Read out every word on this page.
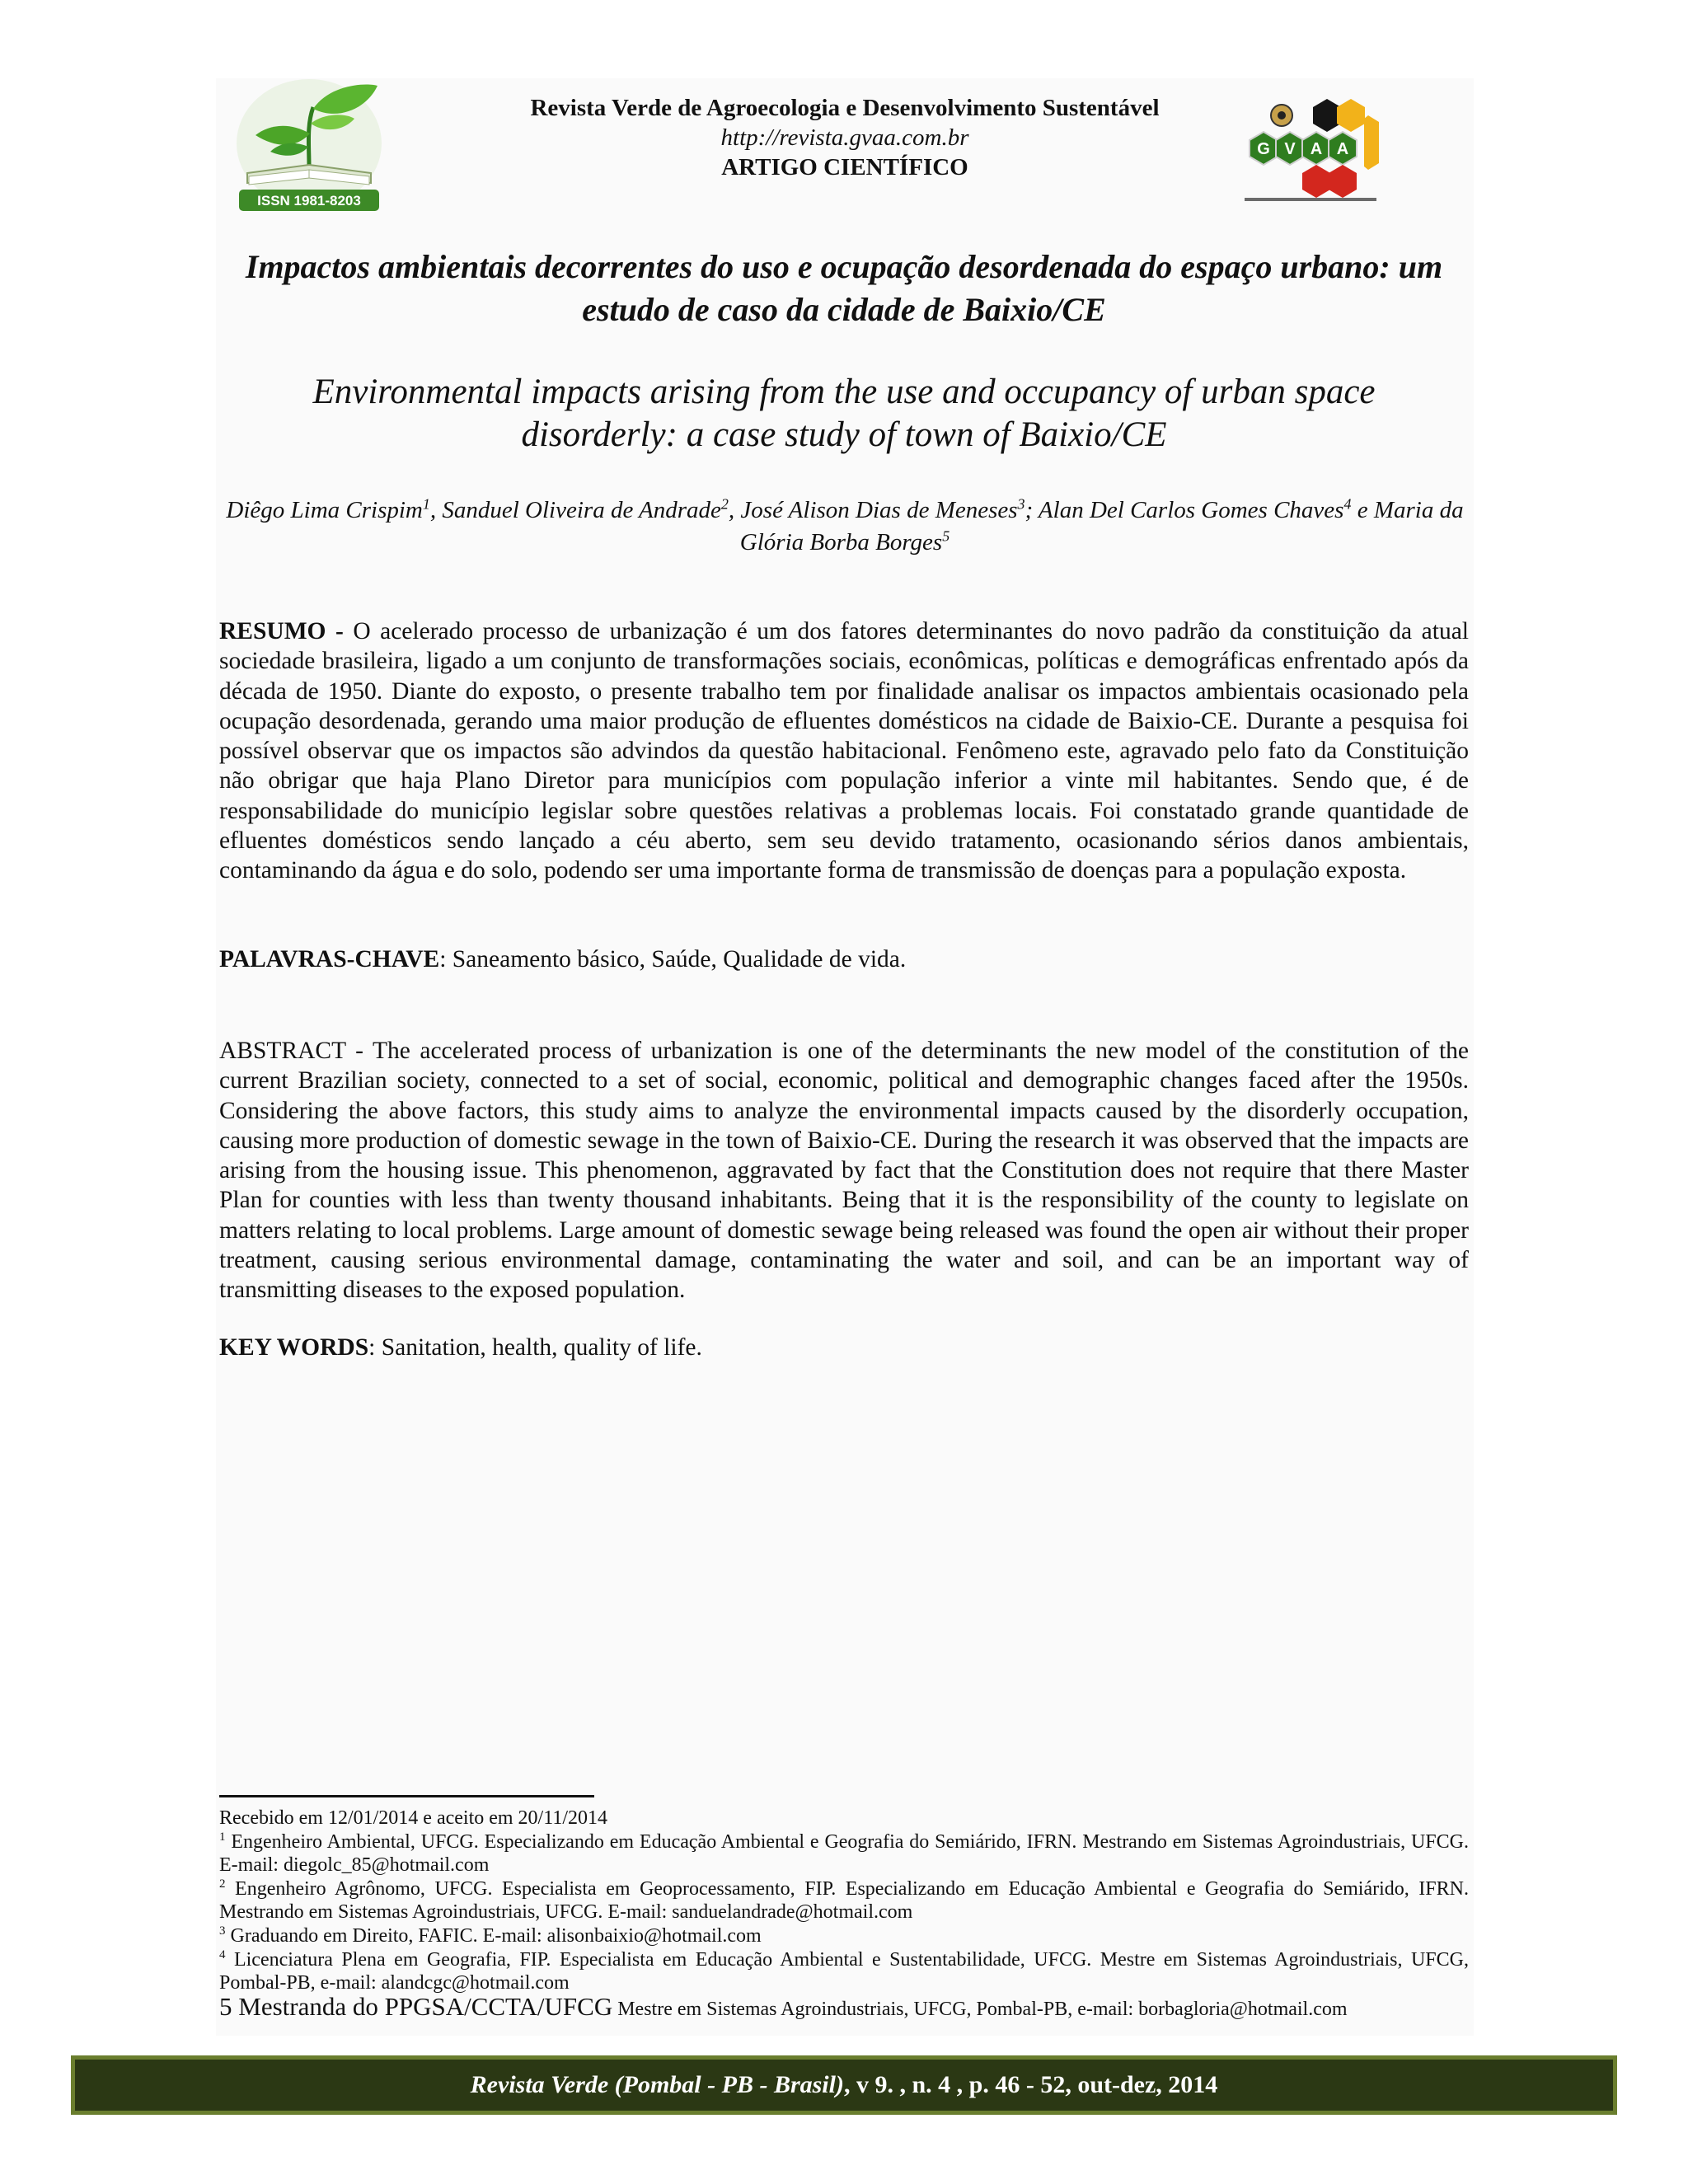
ISSN 1981-8203
Revista Verde de Agroecologia e Desenvolvimento Sustentável
http://revista.gvaa.com.br
ARTIGO CIENTÍFICO
G V A A
Impactos ambientais decorrentes do uso e ocupação desordenada do espaço urbano: um estudo de caso da cidade de Baixio/CE
Environmental impacts arising from the use and occupancy of urban space disorderly: a case study of town of Baixio/CE
Diêgo Lima Crispim$^1$, Sanduel Oliveira de Andrade$^2$, José Alison Dias de Meneses$^3$; Alan Del Carlos Gomes Chaves$^4$ e Maria da Glória Borba Borges$^5$
RESUMO - O acelerado processo de urbanização é um dos fatores determinantes do novo padrão da constituição da atual sociedade brasileira, ligado a um conjunto de transformações sociais, econômicas, políticas e demográficas enfrentado após da década de 1950. Diante do exposto, o presente trabalho tem por finalidade analisar os impactos ambientais ocasionado pela ocupação desordenada, gerando uma maior produção de efluentes domésticos na cidade de Baixio-CE. Durante a pesquisa foi possível observar que os impactos são advindos da questão habitacional. Fenômeno este, agravado pelo fato da Constituição não obrigar que haja Plano Diretor para municípios com população inferior a vinte mil habitantes. Sendo que, é de responsabilidade do município legislar sobre questões relativas a problemas locais. Foi constatado grande quantidade de efluentes domésticos sendo lançado a céu aberto, sem seu devido tratamento, ocasionando sérios danos ambientais, contaminando da água e do solo, podendo ser uma importante forma de transmissão de doenças para a população exposta.
PALAVRAS-CHAVE: Saneamento básico, Saúde, Qualidade de vida.
ABSTRACT - The accelerated process of urbanization is one of the determinants the new model of the constitution of the current Brazilian society, connected to a set of social, economic, political and demographic changes faced after the 1950s. Considering the above factors, this study aims to analyze the environmental impacts caused by the disorderly occupation, causing more production of domestic sewage in the town of Baixio-CE. During the research it was observed that the impacts are arising from the housing issue. This phenomenon, aggravated by fact that the Constitution does not require that there Master Plan for counties with less than twenty thousand inhabitants. Being that it is the responsibility of the county to legislate on matters relating to local problems. Large amount of domestic sewage being released was found the open air without their proper treatment, causing serious environmental damage, contaminating the water and soil, and can be an important way of transmitting diseases to the exposed population.
KEY WORDS: Sanitation, health, quality of life.

Recebido em 12/01/2014 e aceito em 20/11/2014

$^1$ Engenheiro Ambiental, UFCG. Especializando em Educação Ambiental e Geografia do Semiárido, IFRN. Mestrando em Sistemas Agroindustriais, UFCG. E-mail: diegolc_85@hotmail.com

$^2$ Engenheiro Agrônomo, UFCG. Especialista em Geoprocessamento, FIP. Especializando em Educação Ambiental e Geografia do Semiárido, IFRN. Mestrando em Sistemas Agroindustriais, UFCG. E-mail: sanduelandrade@hotmail.com

$^3$ Graduando em Direito, FAFIC. E-mail: alisonbaixio@hotmail.com

$^4$ Licenciatura Plena em Geografia, FIP. Especialista em Educação Ambiental e Sustentabilidade, UFCG. Mestre em Sistemas Agroindustriais, UFCG, Pombal-PB, e-mail: alandcgc@hotmail.com

5 Mestranda do PPGSA/CCTA/UFCG Mestre em Sistemas Agroindustriais, UFCG, Pombal-PB, e-mail: borbagloria@hotmail.com

Revista Verde (Pombal - PB - Brasil) , v 9. , n. 4 , p. 46 - 52, out-dez, 2014
